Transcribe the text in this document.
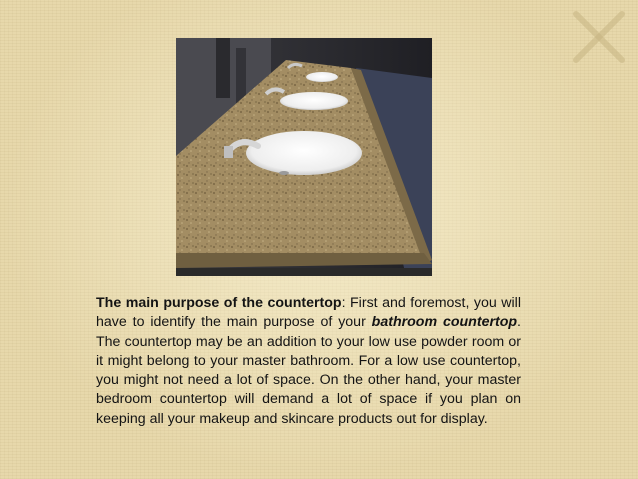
The main purpose of the countertop: First and foremost, you will have to identify the main purpose of your bathroom countertop. The countertop may be an addition to your low use powder room or it might belong to your master bathroom. For a low use countertop, you might not need a lot of space. On the other hand, your master bedroom countertop will demand a lot of space if you plan on keeping all your makeup and skincare products out for display.
